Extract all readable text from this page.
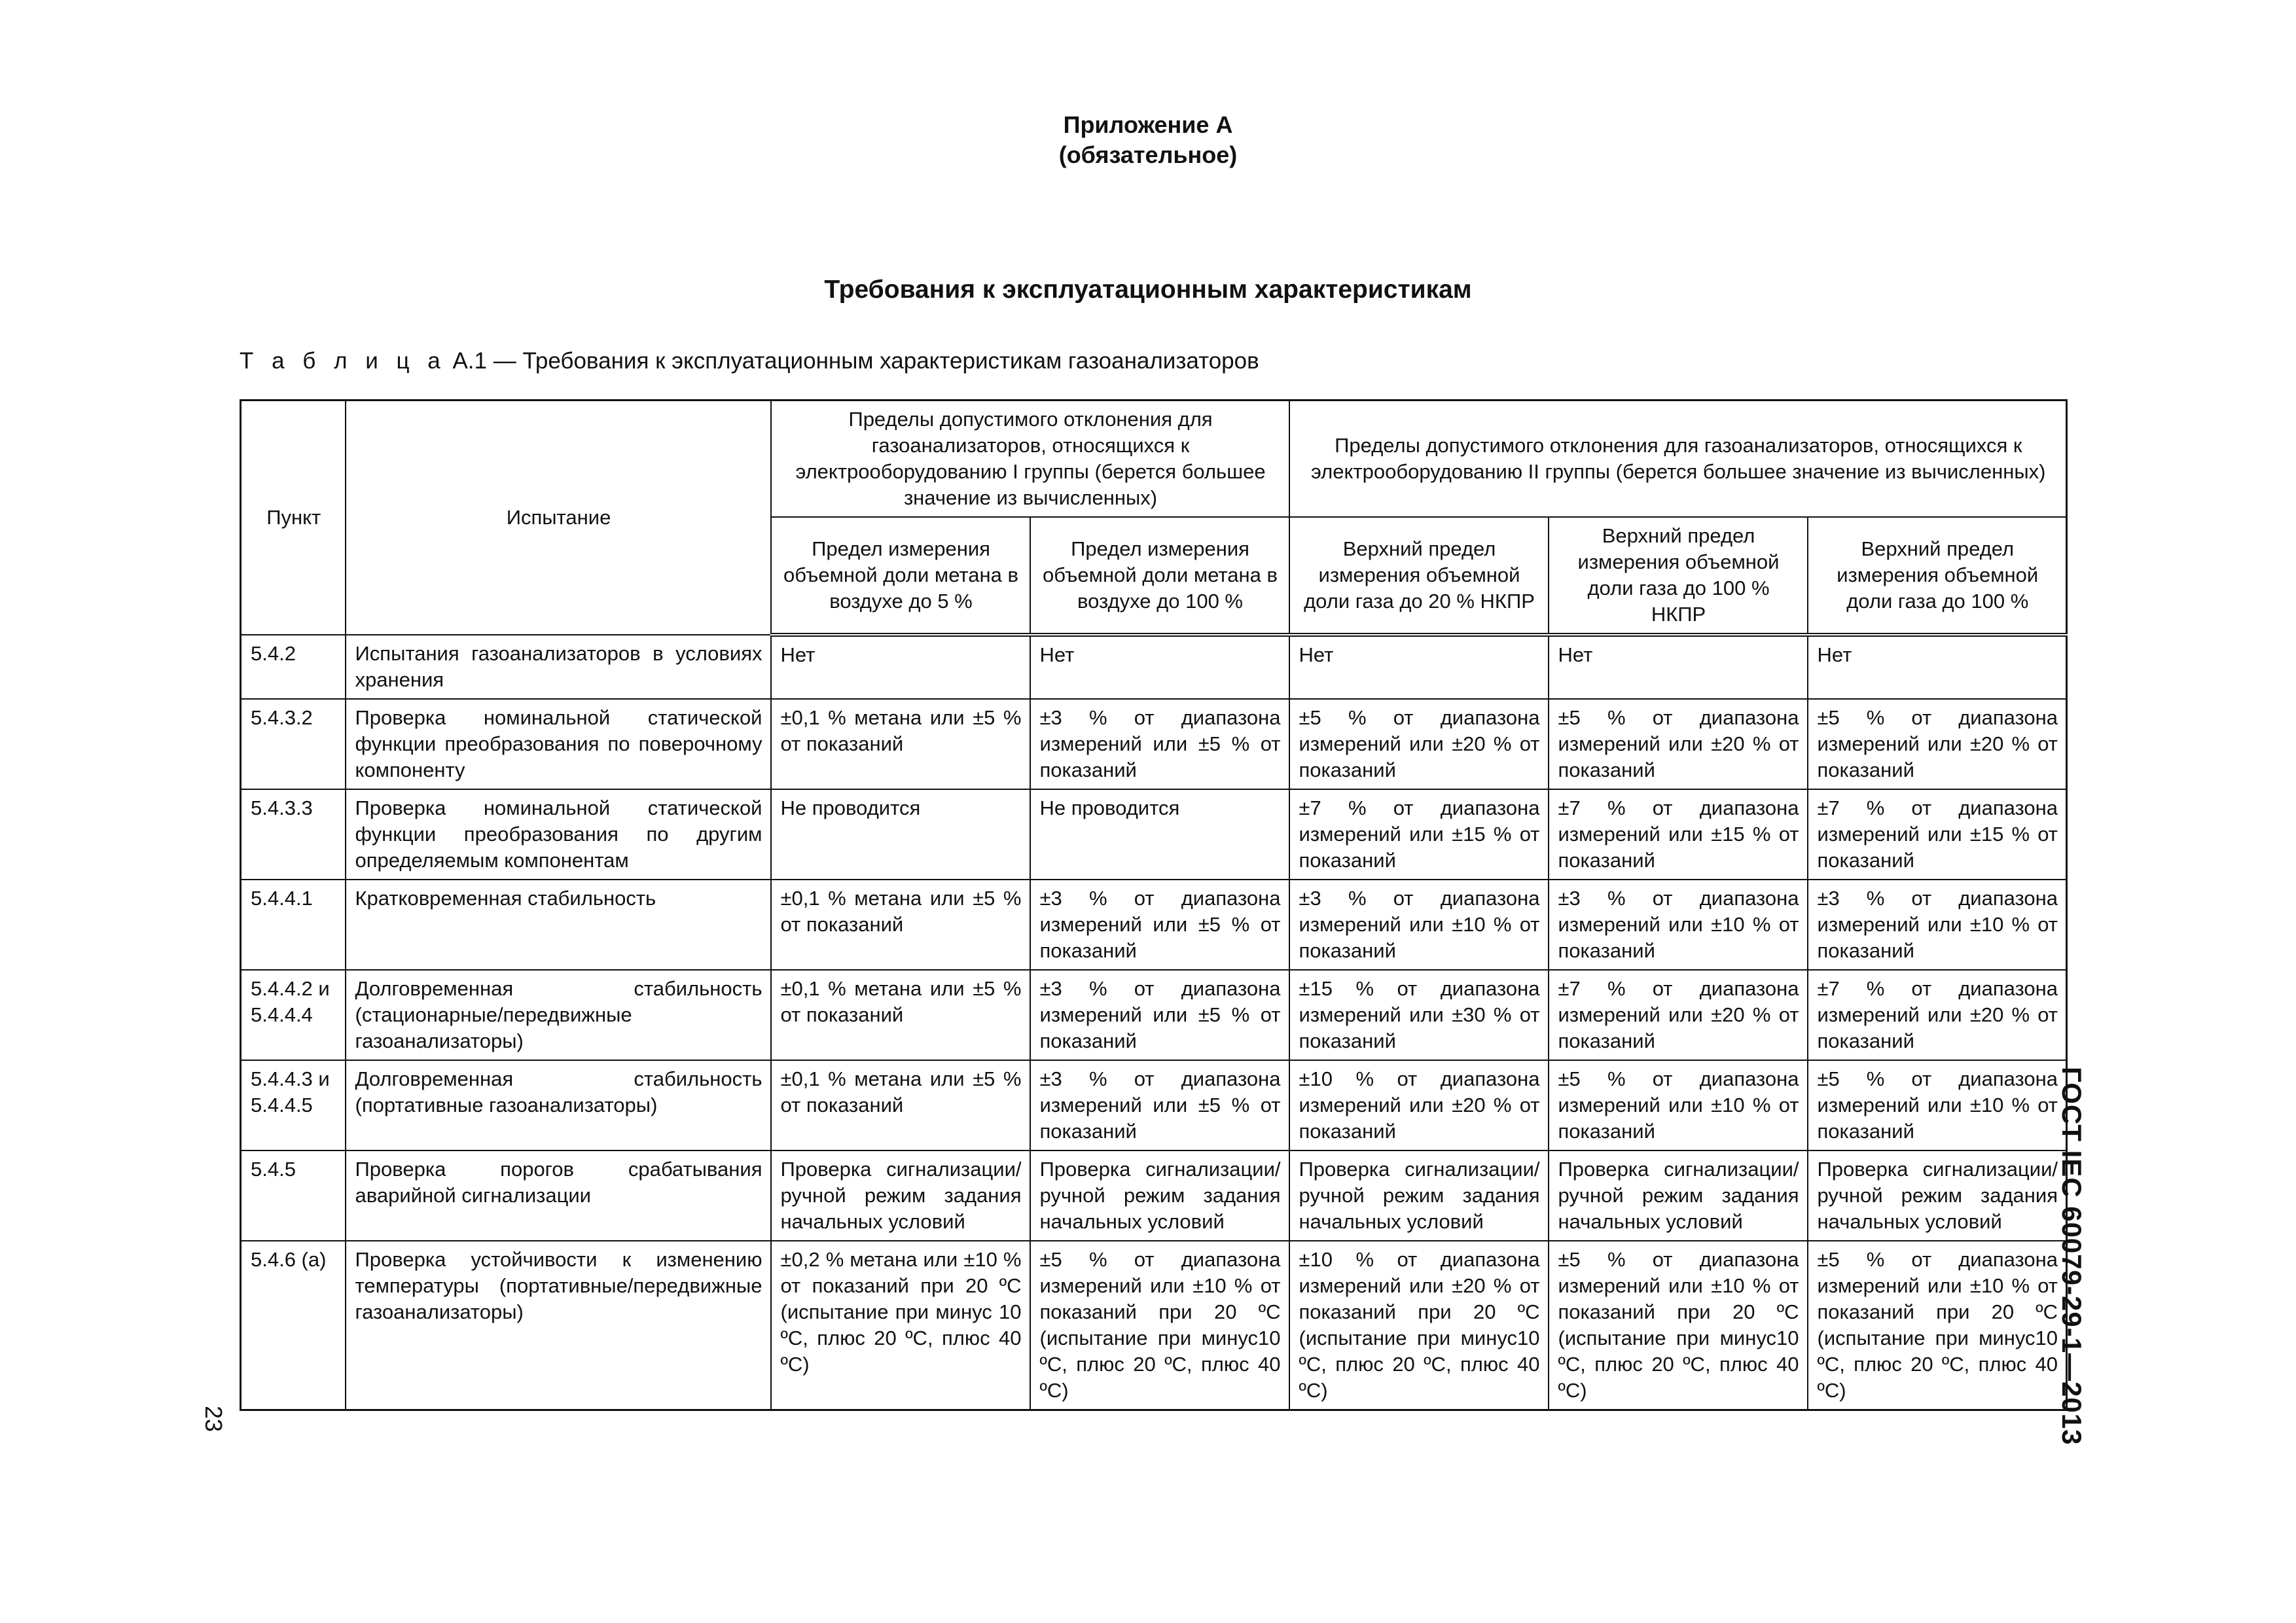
Приложение А
(обязательное)
Требования к эксплуатационным характеристикам
Т а б л и ц а А.1 — Требования к эксплуатационным характеристикам газоанализаторов
Пункт	Испытание	Пределы допустимого отклонения для газоанализаторов, относящихся к электрооборудованию I группы (берется большее значение из вычисленных)		Пределы допустимого отклонения для газоанализаторов, относящихся к электрооборудованию II группы (берется большее значение из вычисленных)		
		Предел измерения объемной доли метана в воздухе до 5 %	Предел измерения объемной доли метана в воздухе до 100 %	Верхний предел измерения объемной доли газа до 20 % НКПР	Верхний предел измерения объемной доли газа до 100 % НКПР	Верхний предел измерения объемной доли газа до 100 %
5.4.2	Испытания газоанализаторов в условиях хранения	Нет	Нет	Нет	Нет	Нет
5.4.3.2	Проверка номинальной статической функции преобразования по поверочному компоненту	±0,1 % метана или ±5 % от показаний	±3 % от диапазона измерений или ±5 % от показаний	±5 % от диапазона измерений или ±20 % от показаний	±5 % от диапазона измерений или ±20 % от показаний	±5 % от диапазона измерений или ±20 % от показаний
5.4.3.3	Проверка номинальной статической функции преобразования по другим определяемым компонентам	Не проводится	Не проводится	±7 % от диапазона измерений или ±15 % от показаний	±7 % от диапазона измерений или ±15 % от показаний	±7 % от диапазона измерений или ±15 % от показаний
5.4.4.1	Кратковременная стабильность	±0,1 % метана или ±5 % от показаний	±3 % от диапазона измерений или ±5 % от показаний	±3 % от диапазона измерений или ±10 % от показаний	±3 % от диапазона измерений или ±10 % от показаний	±3 % от диапазона измерений или ±10 % от показаний
5.4.4.2 и 5.4.4.4	Долговременная стабильность (стационарные/передвижные газоанализаторы)	±0,1 % метана или ±5 % от показаний	±3 % от диапазона измерений или ±5 % от показаний	±15 % от диапазона измерений или ±30 % от показаний	±7 % от диапазона измерений или ±20 % от показаний	±7 % от диапазона измерений или ±20 % от показаний
5.4.4.3 и 5.4.4.5	Долговременная стабильность (портативные газоанализаторы)	±0,1 % метана или ±5 % от показаний	±3 % от диапазона измерений или ±5 % от показаний	±10 % от диапазона измерений или ±20 % от показаний	±5 % от диапазона измерений или ±10 % от показаний	±5 % от диапазона измерений или ±10 % от показаний
5.4.5	Проверка порогов срабатывания аварийной сигнализации	Проверка сигнализации/ручной режим задания начальных условий	Проверка сигнализации/ручной режим задания начальных условий	Проверка сигнализации/ручной режим задания начальных условий	Проверка сигнализации/ручной режим задания начальных условий	Проверка сигнализации/ручной режим задания начальных условий
5.4.6 (а)	Проверка устойчивости к изменению температуры (портативные/передвижные газоанализаторы)	±0,2 % метана или ±10 % от показаний при 20 ºС (испытание при минус 10 ºС, плюс 20 ºС, плюс 40 ºС)	±5 % от диапазона измерений или ±10 % от показаний при 20 ºС (испытание при минус10 ºС, плюс 20 ºС, плюс 40 ºС)	±10 % от диапазона измерений или ±20 % от показаний при 20 ºС (испытание при минус10 ºС, плюс 20 ºС, плюс 40 ºС)	±5 % от диапазона измерений или ±10 % от показаний при 20 ºС (испытание при минус10 ºС, плюс 20 ºС, плюс 40 ºС)	±5 % от диапазона измерений или ±10 % от показаний при 20 ºС (испытание при минус10 ºС, плюс 20 ºС, плюс 40 ºС)	ГОСТ IEC 60079-29-1—2013
23
